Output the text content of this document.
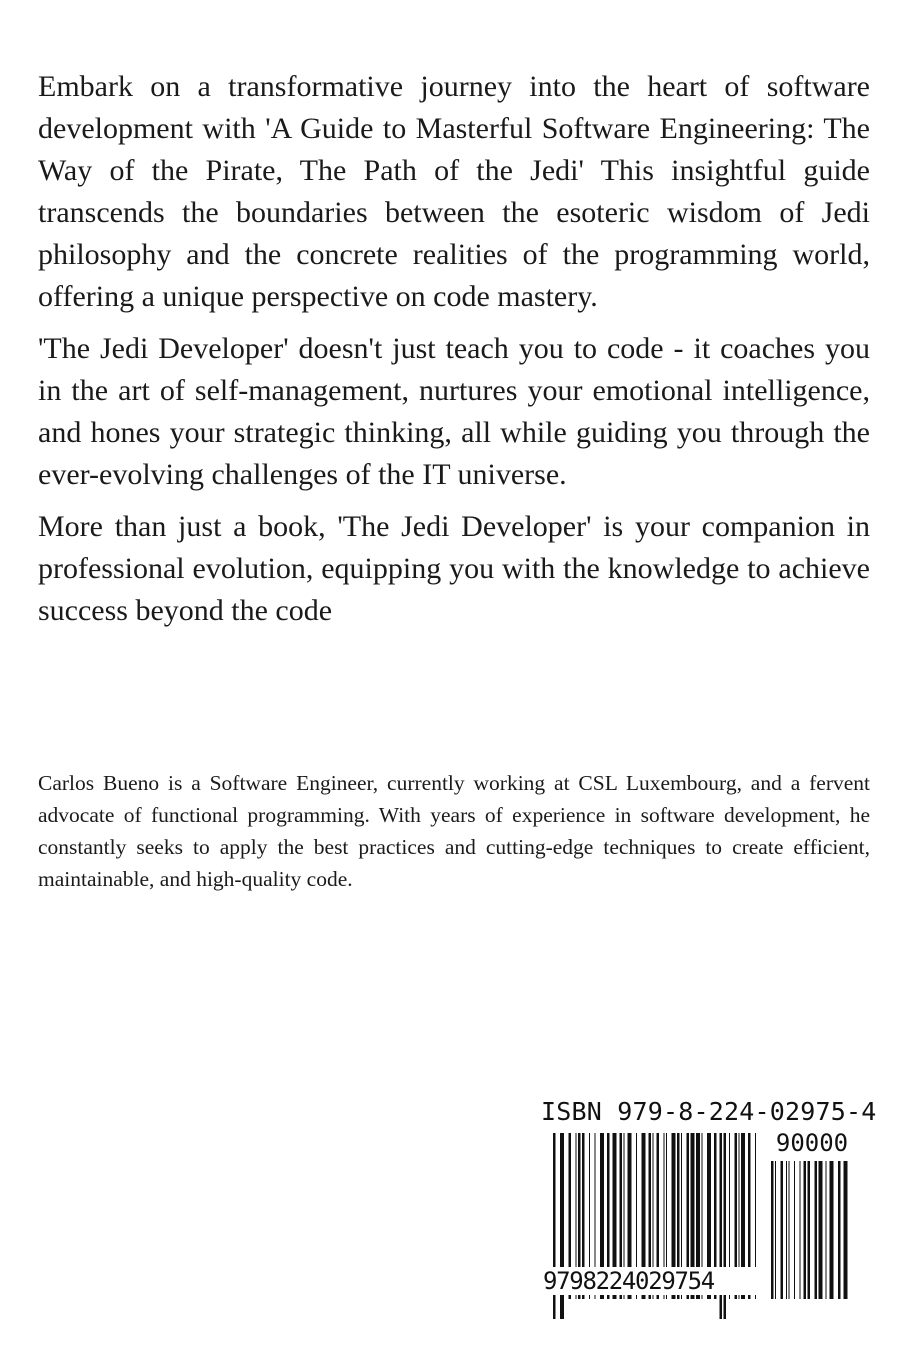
Embark on a transformative journey into the heart of software development with 'A Guide to Masterful Software Engineering: The Way of the Pirate, The Path of the Jedi' This insightful guide transcends the boundaries between the esoteric wisdom of Jedi philosophy and the concrete realities of the programming world, offering a unique perspective on code mastery.

'The Jedi Developer' doesn't just teach you to code - it coaches you in the art of self-management, nurtures your emotional intelligence, and hones your strategic thinking, all while guiding you through the ever-evolving challenges of the IT universe.

More than just a book, 'The Jedi Developer' is your companion in professional evolution, equipping you with the knowledge to achieve success beyond the code

Carlos Bueno is a Software Engineer, currently working at CSL Luxembourg, and a fervent advocate of functional programming. With years of experience in software development, he constantly seeks to apply the best practices and cutting-edge techniques to create efficient, maintainable, and high-quality code.

ISBN 979-8-224-02975-4
90000
9798224029754
